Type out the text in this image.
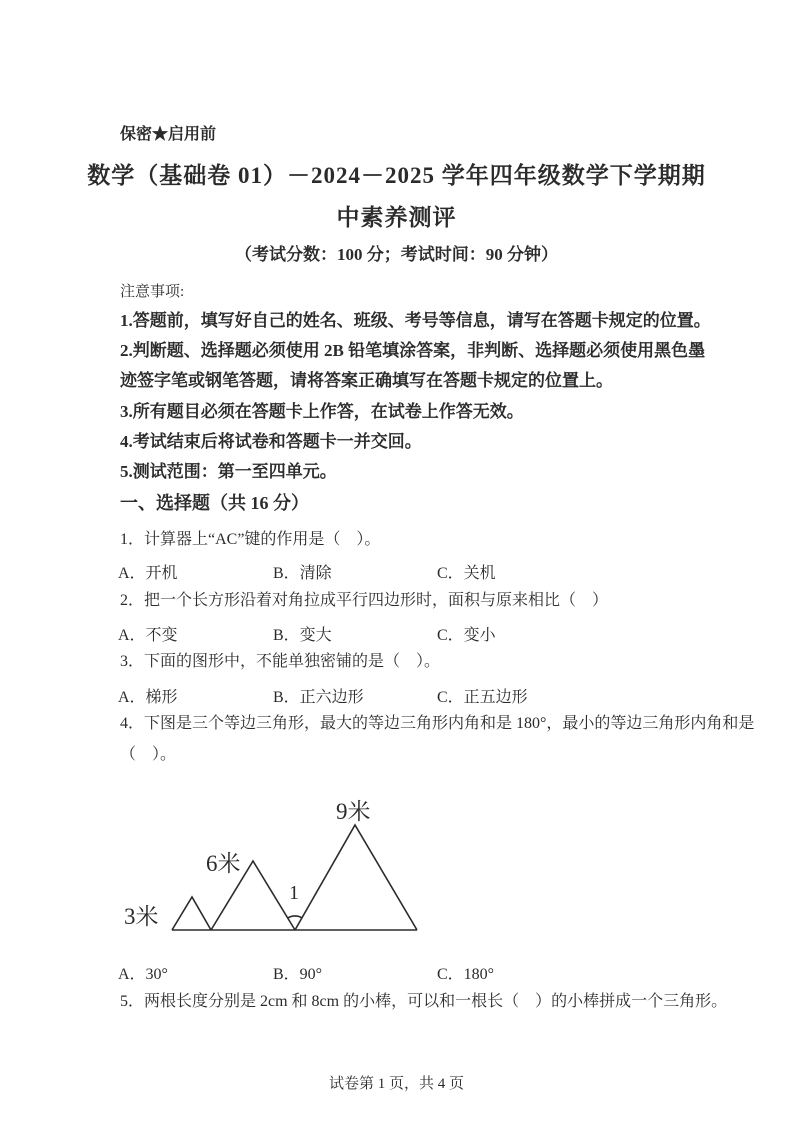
保密★启用前
数学（基础卷 01）－2024－2025 学年四年级数学下学期期
中素养测评
（考试分数：100 分；考试时间：90 分钟）
注意事项:
1.答题前，填写好自己的姓名、班级、考号等信息，请写在答题卡规定的位置。
2.判断题、选择题必须使用 2B 铅笔填涂答案，非判断、选择题必须使用黑色墨
迹签字笔或钢笔答题，请将答案正确填写在答题卡规定的位置上。
3.所有题目必须在答题卡上作答，在试卷上作答无效。
4.考试结束后将试卷和答题卡一并交回。
5.测试范围：第一至四单元。
一、选择题（共 16 分）
1．计算器上“AC”键的作用是（　）。
A．开机	B．清除	C．关机
2．把一个长方形沿着对角拉成平行四边形时，面积与原来相比（　）
A．不变	B．变大	C．变小
3．下面的图形中，不能单独密铺的是（　）。
A．梯形	B．正六边形	C．正五边形
4．下图是三个等边三角形，最大的等边三角形内角和是 180°，最小的等边三角形内角和是
（　）。
3米
6米
9米
1
A．30°	B．90°	C．180°
5．两根长度分别是 2cm 和 8cm 的小棒，可以和一根长（　）的小棒拼成一个三角形。
试卷第 1 页，共 4 页
